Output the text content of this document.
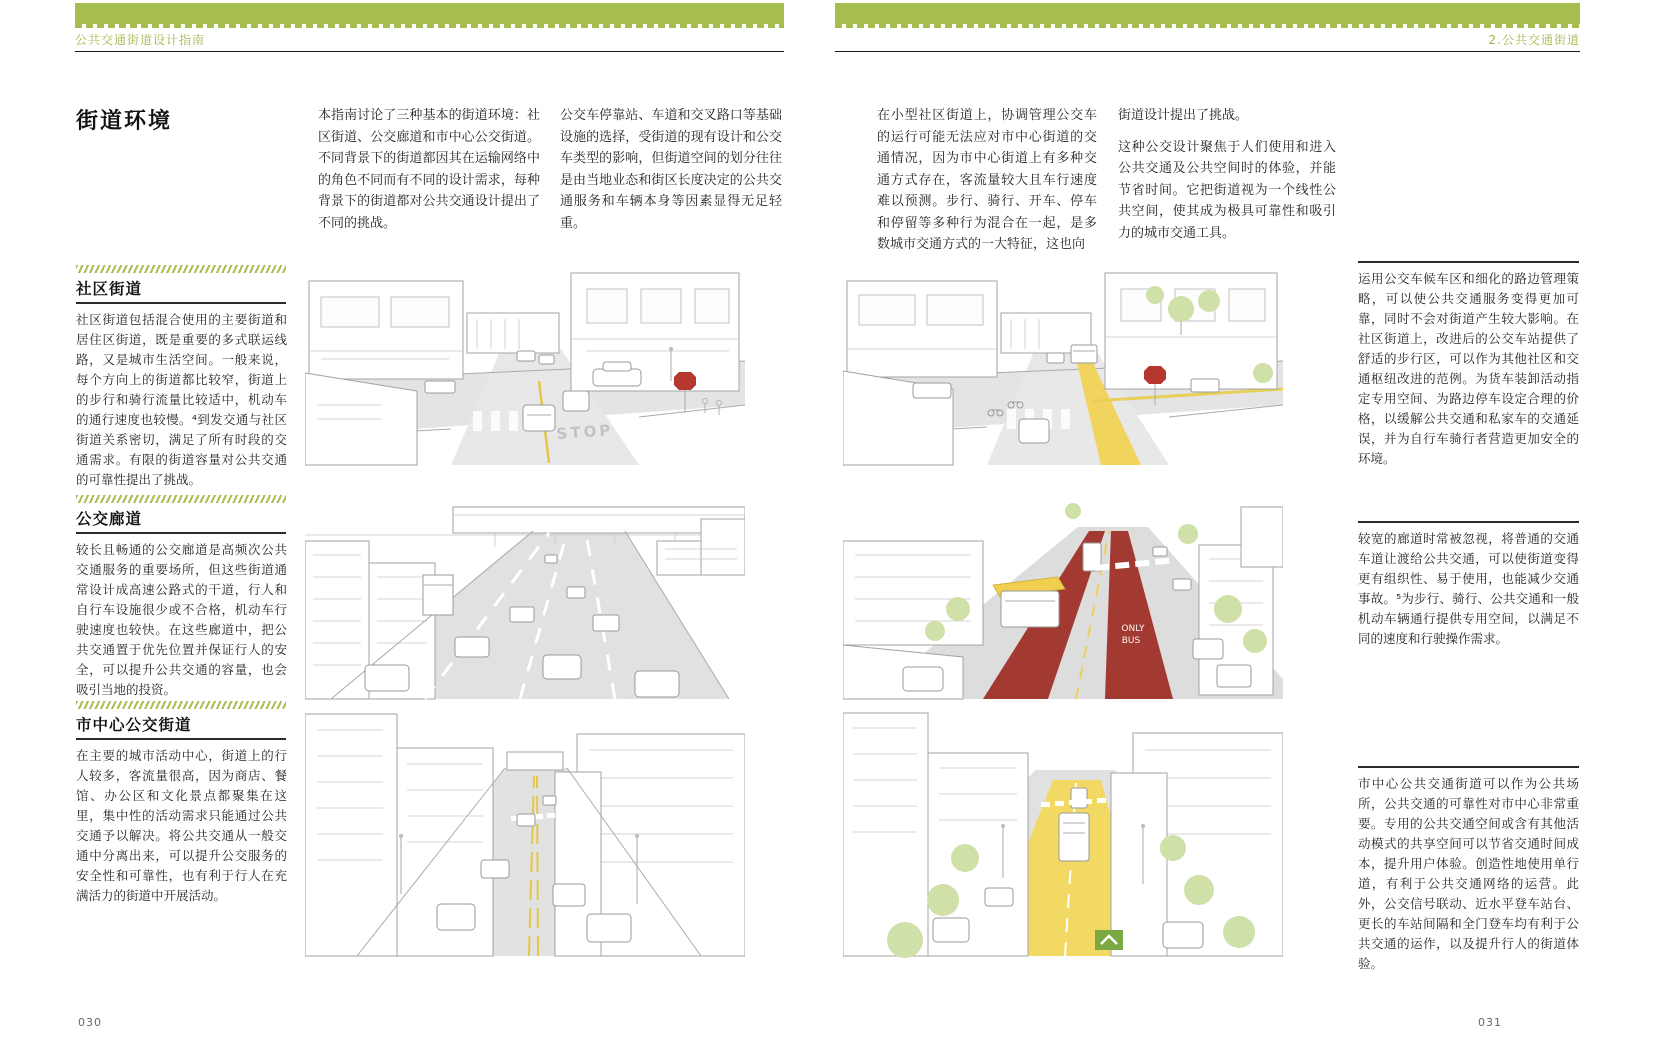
公共交通街道设计指南
街道环境	本指南讨论了三种基本的街道环境：社区街道、公交廊道和市中心公交街道。不同背景下的街道都因其在运输网络中的角色不同而有不同的设计需求，每种背景下的街道都对公共交通设计提出了不同的挑战。
公交车停靠站、车道和交叉路口等基础设施的选择，受街道的现有设计和公交车类型的影响，但街道空间的划分往往是由当地业态和街区长度决定的公共交通服务和车辆本身等因素显得无足轻重。
社区街道
社区街道包括混合使用的主要街道和居住区街道，既是重要的多式联运线路，又是城市生活空间。一般来说，每个方向上的街道都比较窄，街道上的步行和骑行流量比较适中，机动车的通行速度也较慢。⁴到发交通与社区街道关系密切，满足了所有时段的交通需求。有限的街道容量对公共交通的可靠性提出了挑战。
公交廊道
较长且畅通的公交廊道是高频次公共交通服务的重要场所，但这些街道通常设计成高速公路式的干道，行人和自行车设施很少或不合格，机动车行驶速度也较快。在这些廊道中，把公共交通置于优先位置并保证行人的安全，可以提升公共交通的容量，也会吸引当地的投资。
市中心公交街道
在主要的城市活动中心，街道上的行人较多，客流量很高，因为商店、餐馆、办公区和文化景点都聚集在这里，集中性的活动需求只能通过公共交通予以解决。将公共交通从一般交通中分离出来，可以提升公交服务的安全性和可靠性，也有利于行人在充满活力的街道中开展活动。
STOP
030
2.公共交通街道
在小型社区街道上，协调管理公交车的运行可能无法应对市中心街道的交通情况，因为市中心街道上有多种交通方式存在，客流量较大且车行速度难以预测。步行、骑行、开车、停车和停留等多种行为混合在一起，是多数城市交通方式的一大特征，这也向

街道设计提出了挑战。

这种公交设计聚焦于人们使用和进入公共交通及公共空间时的体验，并能节省时间。它把街道视为一个线性公共空间，使其成为极具可靠性和吸引力的城市交通工具。

ONLY
BUS
运用公交车候车区和细化的路边管理策略，可以使公共交通服务变得更加可靠，同时不会对街道产生较大影响。在社区街道上，改进后的公交车站提供了舒适的步行区，可以作为其他社区和交通枢纽改进的范例。为货车装卸活动指定专用空间、为路边停车设定合理的价格，以缓解公共交通和私家车的交通延误，并为自行车骑行者营造更加安全的环境。
较宽的廊道时常被忽视，将普通的交通车道让渡给公共交通，可以使街道变得更有组织性、易于使用，也能减少交通事故。⁵为步行、骑行、公共交通和一般机动车辆通行提供专用空间，以满足不同的速度和行驶操作需求。
市中心公共交通街道可以作为公共场所，公共交通的可靠性对市中心非常重要。专用的公共交通空间或含有其他活动模式的共享空间可以节省交通时间成本，提升用户体验。创造性地使用单行道，有利于公共交通网络的运营。此外，公交信号联动、近水平登车站台、更长的车站间隔和全门登车均有利于公共交通的运作，以及提升行人的街道体验。
031
